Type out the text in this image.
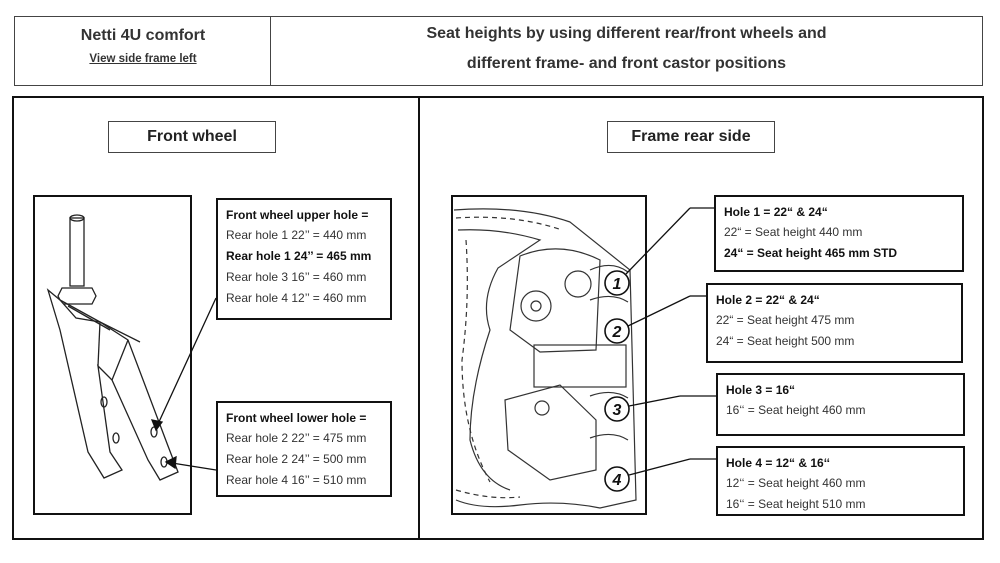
Netti 4U comfort
View side frame left
Seat heights by using different rear/front wheels and
different frame- and front castor positions
Front wheel	Frame rear side
1
2
3
4
Front wheel upper hole =
Rear hole 1 22’’ = 440 mm
Rear hole 1 24’’ = 465 mm
Rear hole 3 16’’ = 460 mm
Rear hole 4 12’’ = 460 mm
Front wheel lower hole =
Rear hole 2 22’’ = 475 mm
Rear hole 2 24’’ = 500 mm
Rear hole 4 16’’ = 510 mm
Hole 1 = 22“ & 24“
22“ = Seat height 440 mm
24“ = Seat height 465 mm STD
Hole 2 = 22“ & 24“
22“ = Seat height 475 mm
24“ = Seat height 500 mm
Hole 3 = 16“
16‘‘ = Seat height 460 mm
Hole 4 = 12“ & 16‘‘
12‘‘ = Seat height 460 mm
16‘‘ = Seat height 510 mm
